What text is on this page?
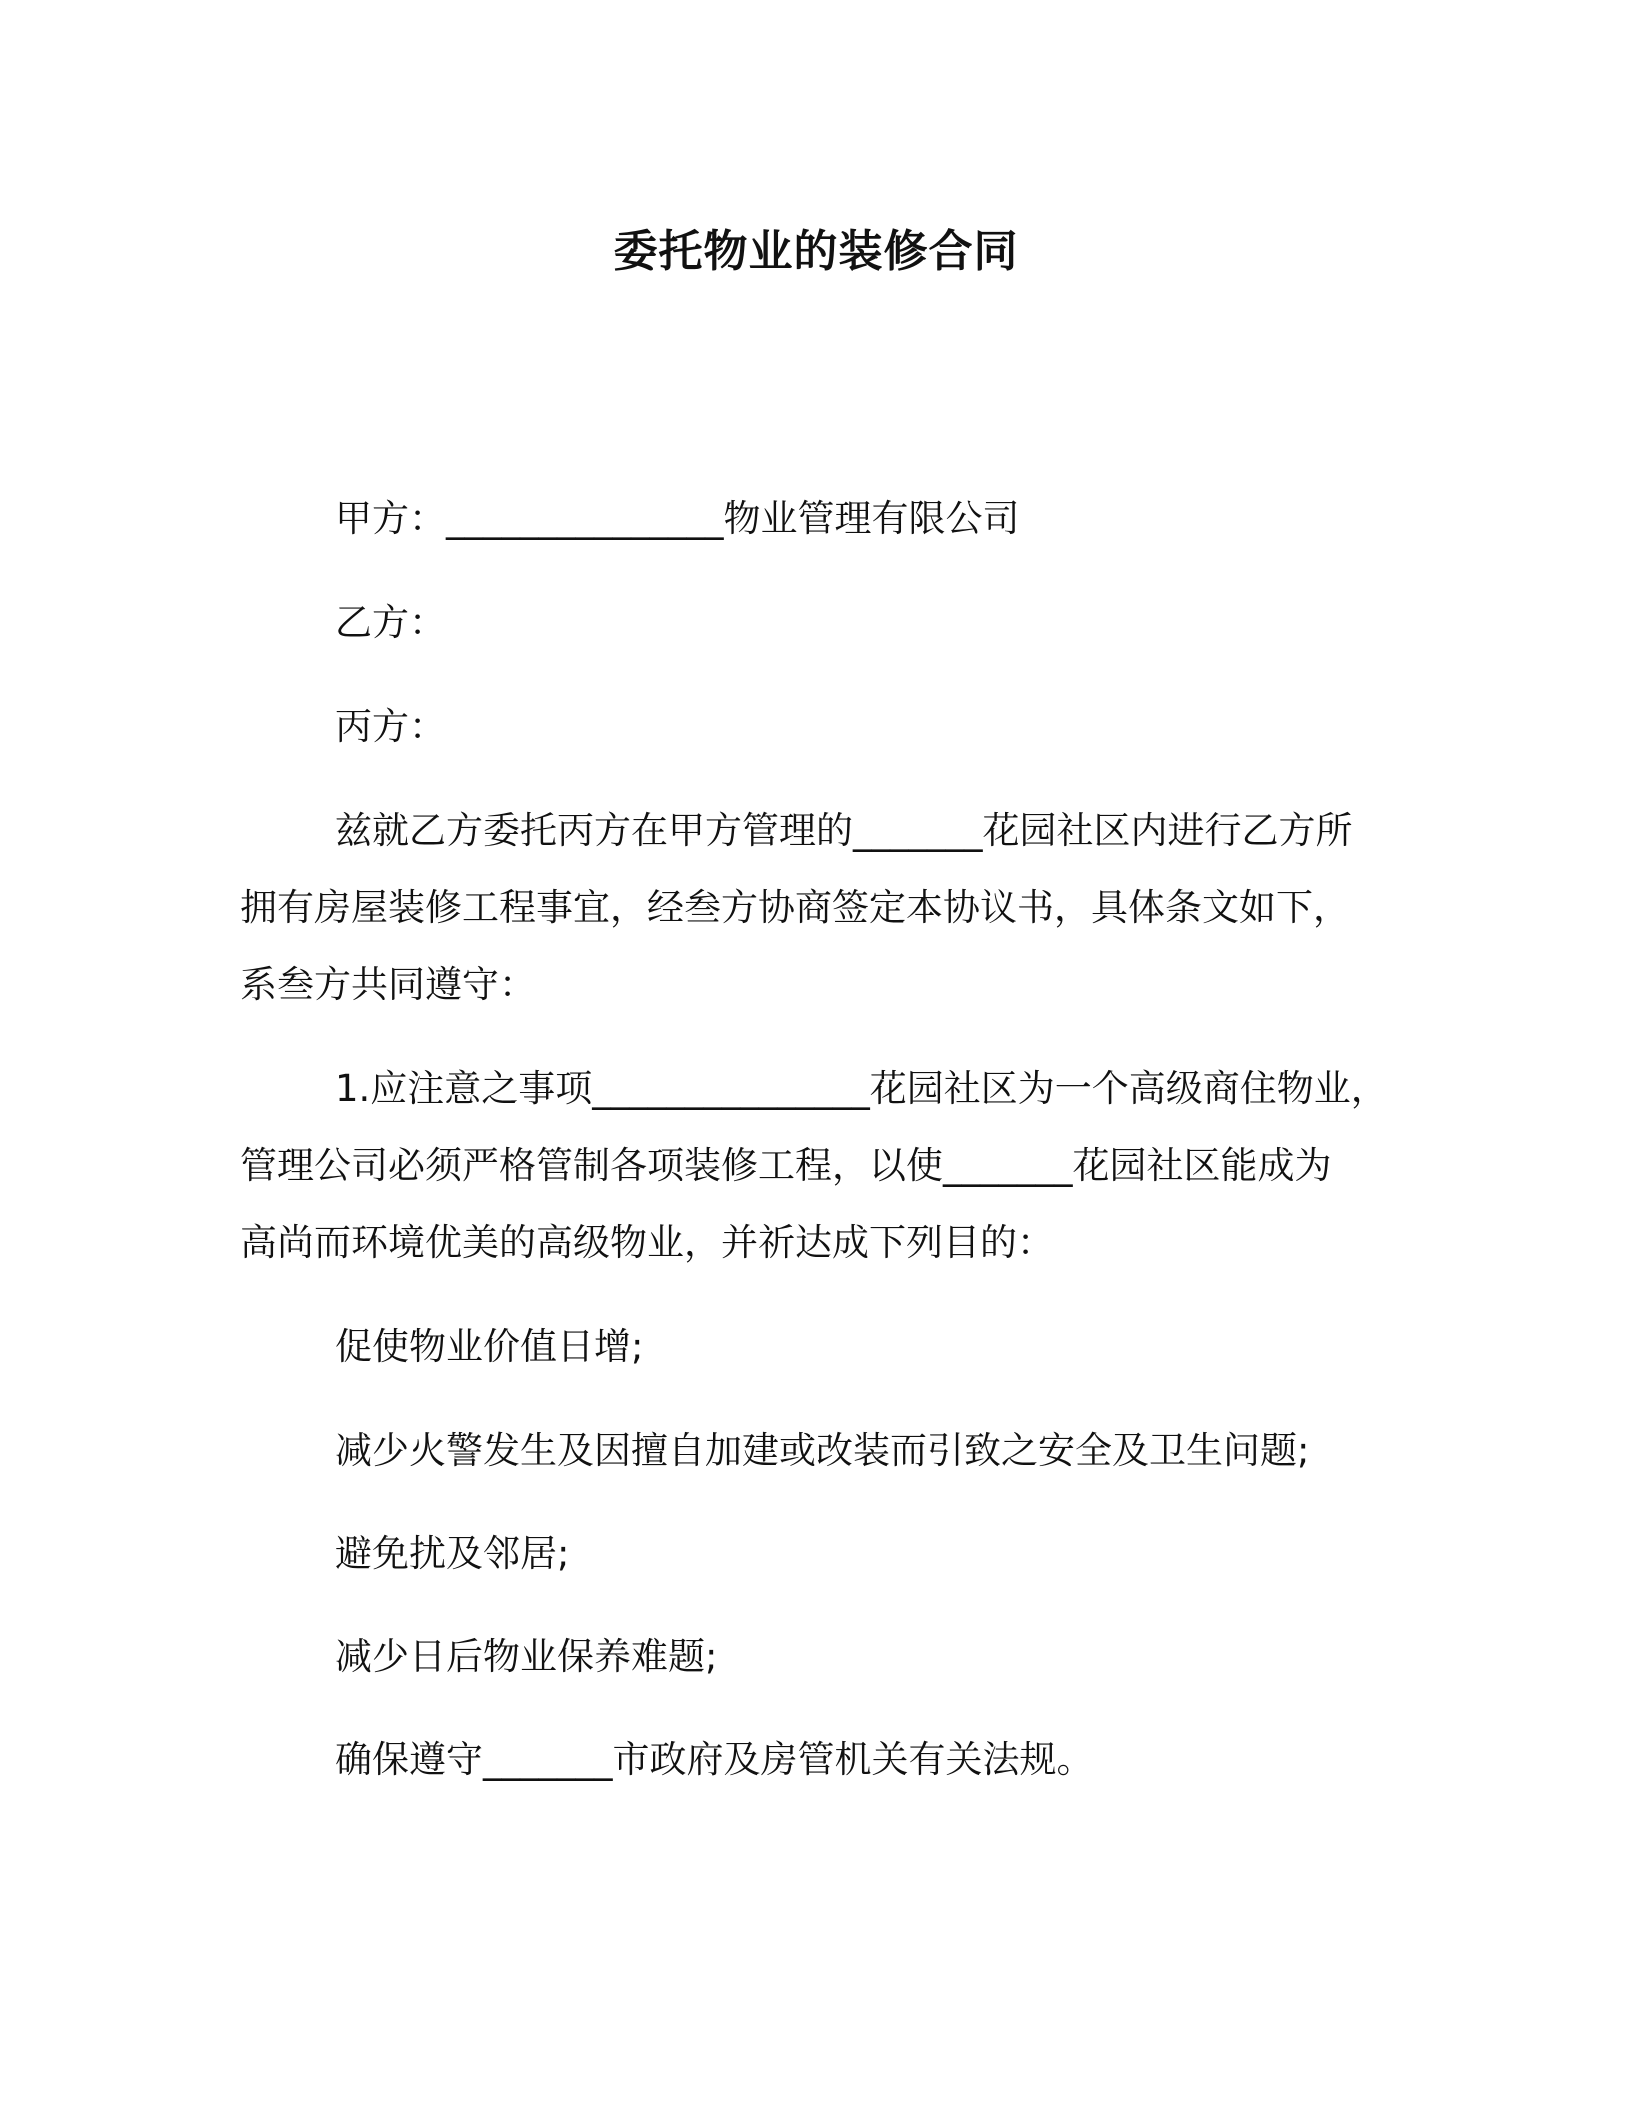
委托物业的装修合同
甲方：_______________物业管理有限公司
乙方：
丙方：
兹就乙方委托丙方在甲方管理的_______花园社区内进行乙方所
拥有房屋装修工程事宜，经叁方协商签定本协议书，具体条文如下，
系叁方共同遵守：
1.应注意之事项_______________花园社区为一个高级商住物业，
管理公司必须严格管制各项装修工程，以使_______花园社区能成为
高尚而环境优美的高级物业，并祈达成下列目的：
促使物业价值日增;
减少火警发生及因擅自加建或改装而引致之安全及卫生问题;
避免扰及邻居;
减少日后物业保养难题;
确保遵守_______市政府及房管机关有关法规。
